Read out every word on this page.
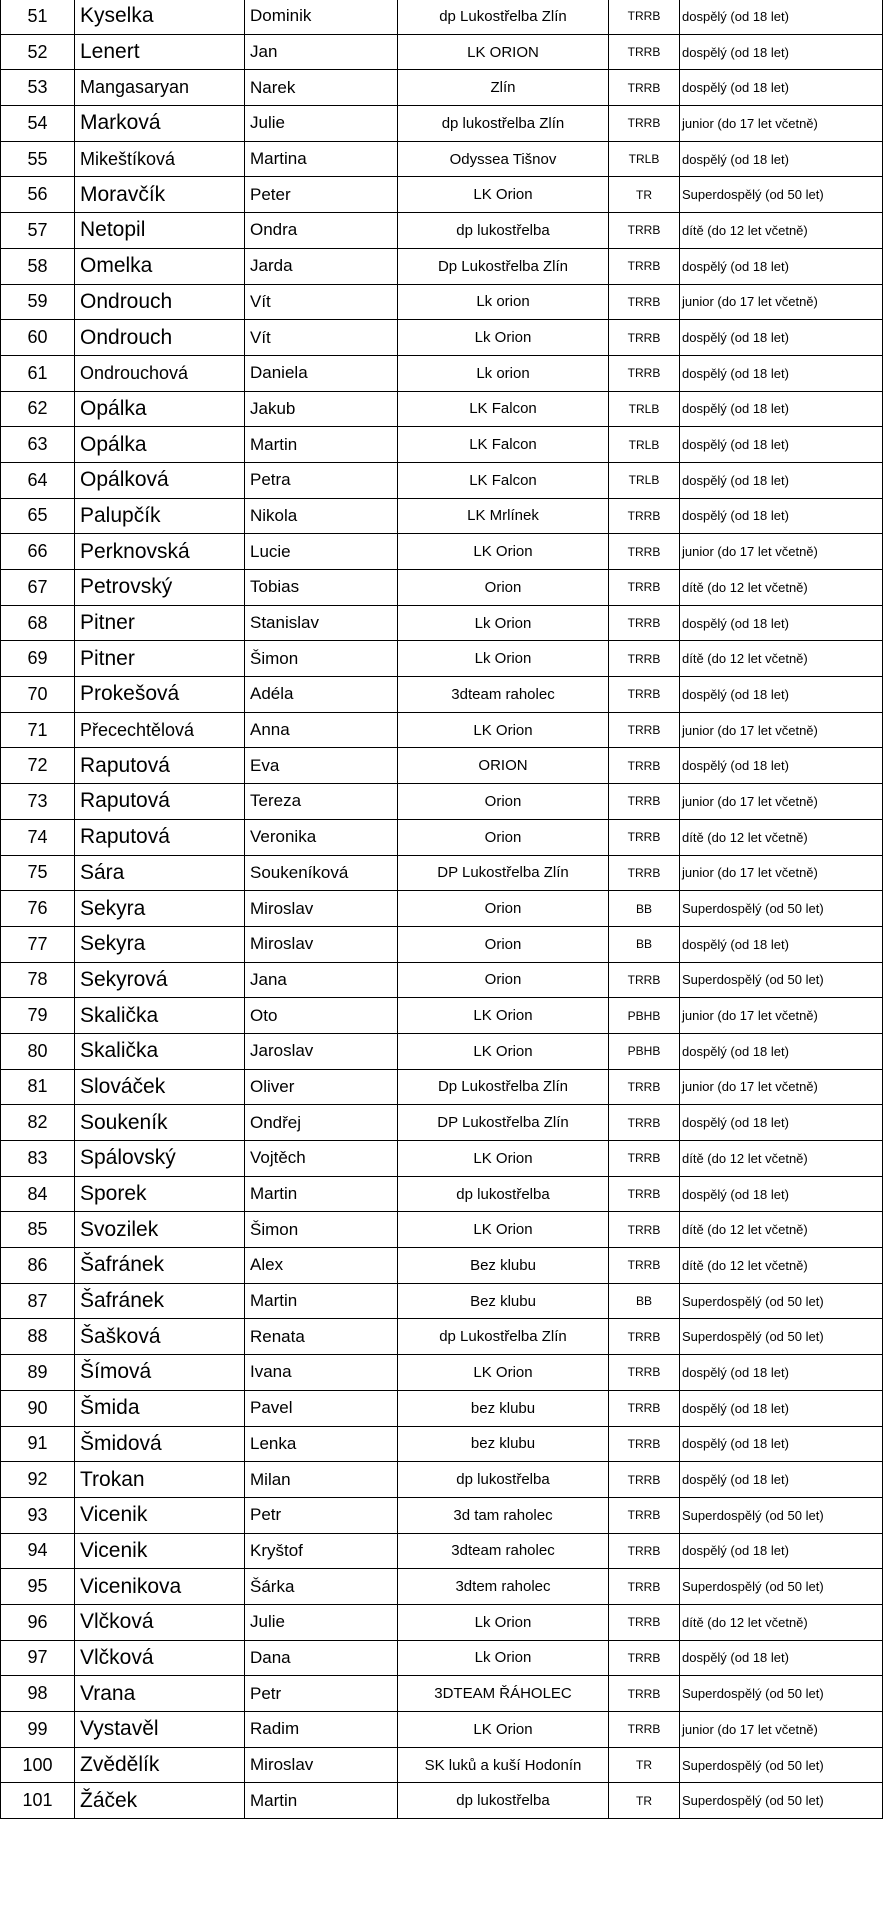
51	Kyselka	Dominik	dp Lukostřelba Zlín	TRRB	dospělý (od 18 let)
52	Lenert	Jan	LK ORION	TRRB	dospělý (od 18 let)
53	Mangasaryan	Narek	Zlín	TRRB	dospělý (od 18 let)
54	Marková	Julie	dp lukostřelba Zlín	TRRB	junior (do 17 let včetně)
55	Mikeštíková	Martina	Odyssea Tišnov	TRLB	dospělý (od 18 let)
56	Moravčík	Peter	LK Orion	TR	Superdospělý (od 50 let)
57	Netopil	Ondra	dp lukostřelba	TRRB	dítě (do 12 let včetně)
58	Omelka	Jarda	Dp Lukostřelba Zlín	TRRB	dospělý (od 18 let)
59	Ondrouch	Vít	Lk orion	TRRB	junior (do 17 let včetně)
60	Ondrouch	Vít	Lk Orion	TRRB	dospělý (od 18 let)
61	Ondrouchová	Daniela	Lk orion	TRRB	dospělý (od 18 let)
62	Opálka	Jakub	LK Falcon	TRLB	dospělý (od 18 let)
63	Opálka	Martin	LK Falcon	TRLB	dospělý (od 18 let)
64	Opálková	Petra	LK Falcon	TRLB	dospělý (od 18 let)
65	Palupčík	Nikola	LK Mrlínek	TRRB	dospělý (od 18 let)
66	Perknovská	Lucie	LK Orion	TRRB	junior (do 17 let včetně)
67	Petrovský	Tobias	Orion	TRRB	dítě (do 12 let včetně)
68	Pitner	Stanislav	Lk Orion	TRRB	dospělý (od 18 let)
69	Pitner	Šimon	Lk Orion	TRRB	dítě (do 12 let včetně)
70	Prokešová	Adéla	3dteam raholec	TRRB	dospělý (od 18 let)
71	Přecechtělová	Anna	LK Orion	TRRB	junior (do 17 let včetně)
72	Raputová	Eva	ORION	TRRB	dospělý (od 18 let)
73	Raputová	Tereza	Orion	TRRB	junior (do 17 let včetně)
74	Raputová	Veronika	Orion	TRRB	dítě (do 12 let včetně)
75	Sára	Soukeníková	DP Lukostřelba Zlín	TRRB	junior (do 17 let včetně)
76	Sekyra	Miroslav	Orion	BB	Superdospělý (od 50 let)
77	Sekyra	Miroslav	Orion	BB	dospělý (od 18 let)
78	Sekyrová	Jana	Orion	TRRB	Superdospělý (od 50 let)
79	Skalička	Oto	LK Orion	PBHB	junior (do 17 let včetně)
80	Skalička	Jaroslav	LK Orion	PBHB	dospělý (od 18 let)
81	Slováček	Oliver	Dp Lukostřelba Zlín	TRRB	junior (do 17 let včetně)
82	Soukeník	Ondřej	DP Lukostřelba Zlín	TRRB	dospělý (od 18 let)
83	Spálovský	Vojtěch	LK Orion	TRRB	dítě (do 12 let včetně)
84	Sporek	Martin	dp lukostřelba	TRRB	dospělý (od 18 let)
85	Svozilek	Šimon	LK Orion	TRRB	dítě (do 12 let včetně)
86	Šafránek	Alex	Bez klubu	TRRB	dítě (do 12 let včetně)
87	Šafránek	Martin	Bez klubu	BB	Superdospělý (od 50 let)
88	Šašková	Renata	dp Lukostřelba Zlín	TRRB	Superdospělý (od 50 let)
89	Šímová	Ivana	LK Orion	TRRB	dospělý (od 18 let)
90	Šmida	Pavel	bez klubu	TRRB	dospělý (od 18 let)
91	Šmidová	Lenka	bez klubu	TRRB	dospělý (od 18 let)
92	Trokan	Milan	dp lukostřelba	TRRB	dospělý (od 18 let)
93	Vicenik	Petr	3d tam raholec	TRRB	Superdospělý (od 50 let)
94	Vicenik	Kryštof	3dteam raholec	TRRB	dospělý (od 18 let)
95	Vicenikova	Šárka	3dtem raholec	TRRB	Superdospělý (od 50 let)
96	Vlčková	Julie	Lk Orion	TRRB	dítě (do 12 let včetně)
97	Vlčková	Dana	Lk Orion	TRRB	dospělý (od 18 let)
98	Vrana	Petr	3DTEAM ŘÁHOLEC	TRRB	Superdospělý (od 50 let)
99	Vystavěl	Radim	LK Orion	TRRB	junior (do 17 let včetně)
100	Zvědělík	Miroslav	SK luků a kuší Hodonín	TR	Superdospělý (od 50 let)
101	Žáček	Martin	dp lukostřelba	TR	Superdospělý (od 50 let)
